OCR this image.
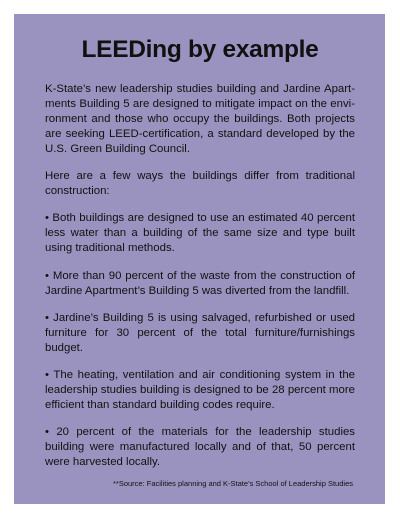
LEEDing by example

K-State’s new leadership studies building and Jardine Apartments Building 5 are designed to mitigate impact on the environment and those who occupy the buildings. Both projects are seeking LEED-certification, a standard developed by the U.S. Green Building Council.

Here are a few ways the buildings differ from traditional construction:

• Both buildings are designed to use an estimated 40 percent less water than a building of the same size and type built using traditional methods.

• More than 90 percent of the waste from the construction of Jardine Apartment’s Building 5 was diverted from the landfill.

• Jardine’s Building 5 is using salvaged, refurbished or used furniture for 30 percent of the total furniture/furnishings budget.

• The heating, ventilation and air conditioning system in the leadership studies building is designed to be 28 percent more efficient than standard building codes require.

• 20 percent of the materials for the leadership studies building were manufactured locally and of that, 50 percent were harvested locally.

**Source: Facilities planning and K-State’s School of Leadership Studies
